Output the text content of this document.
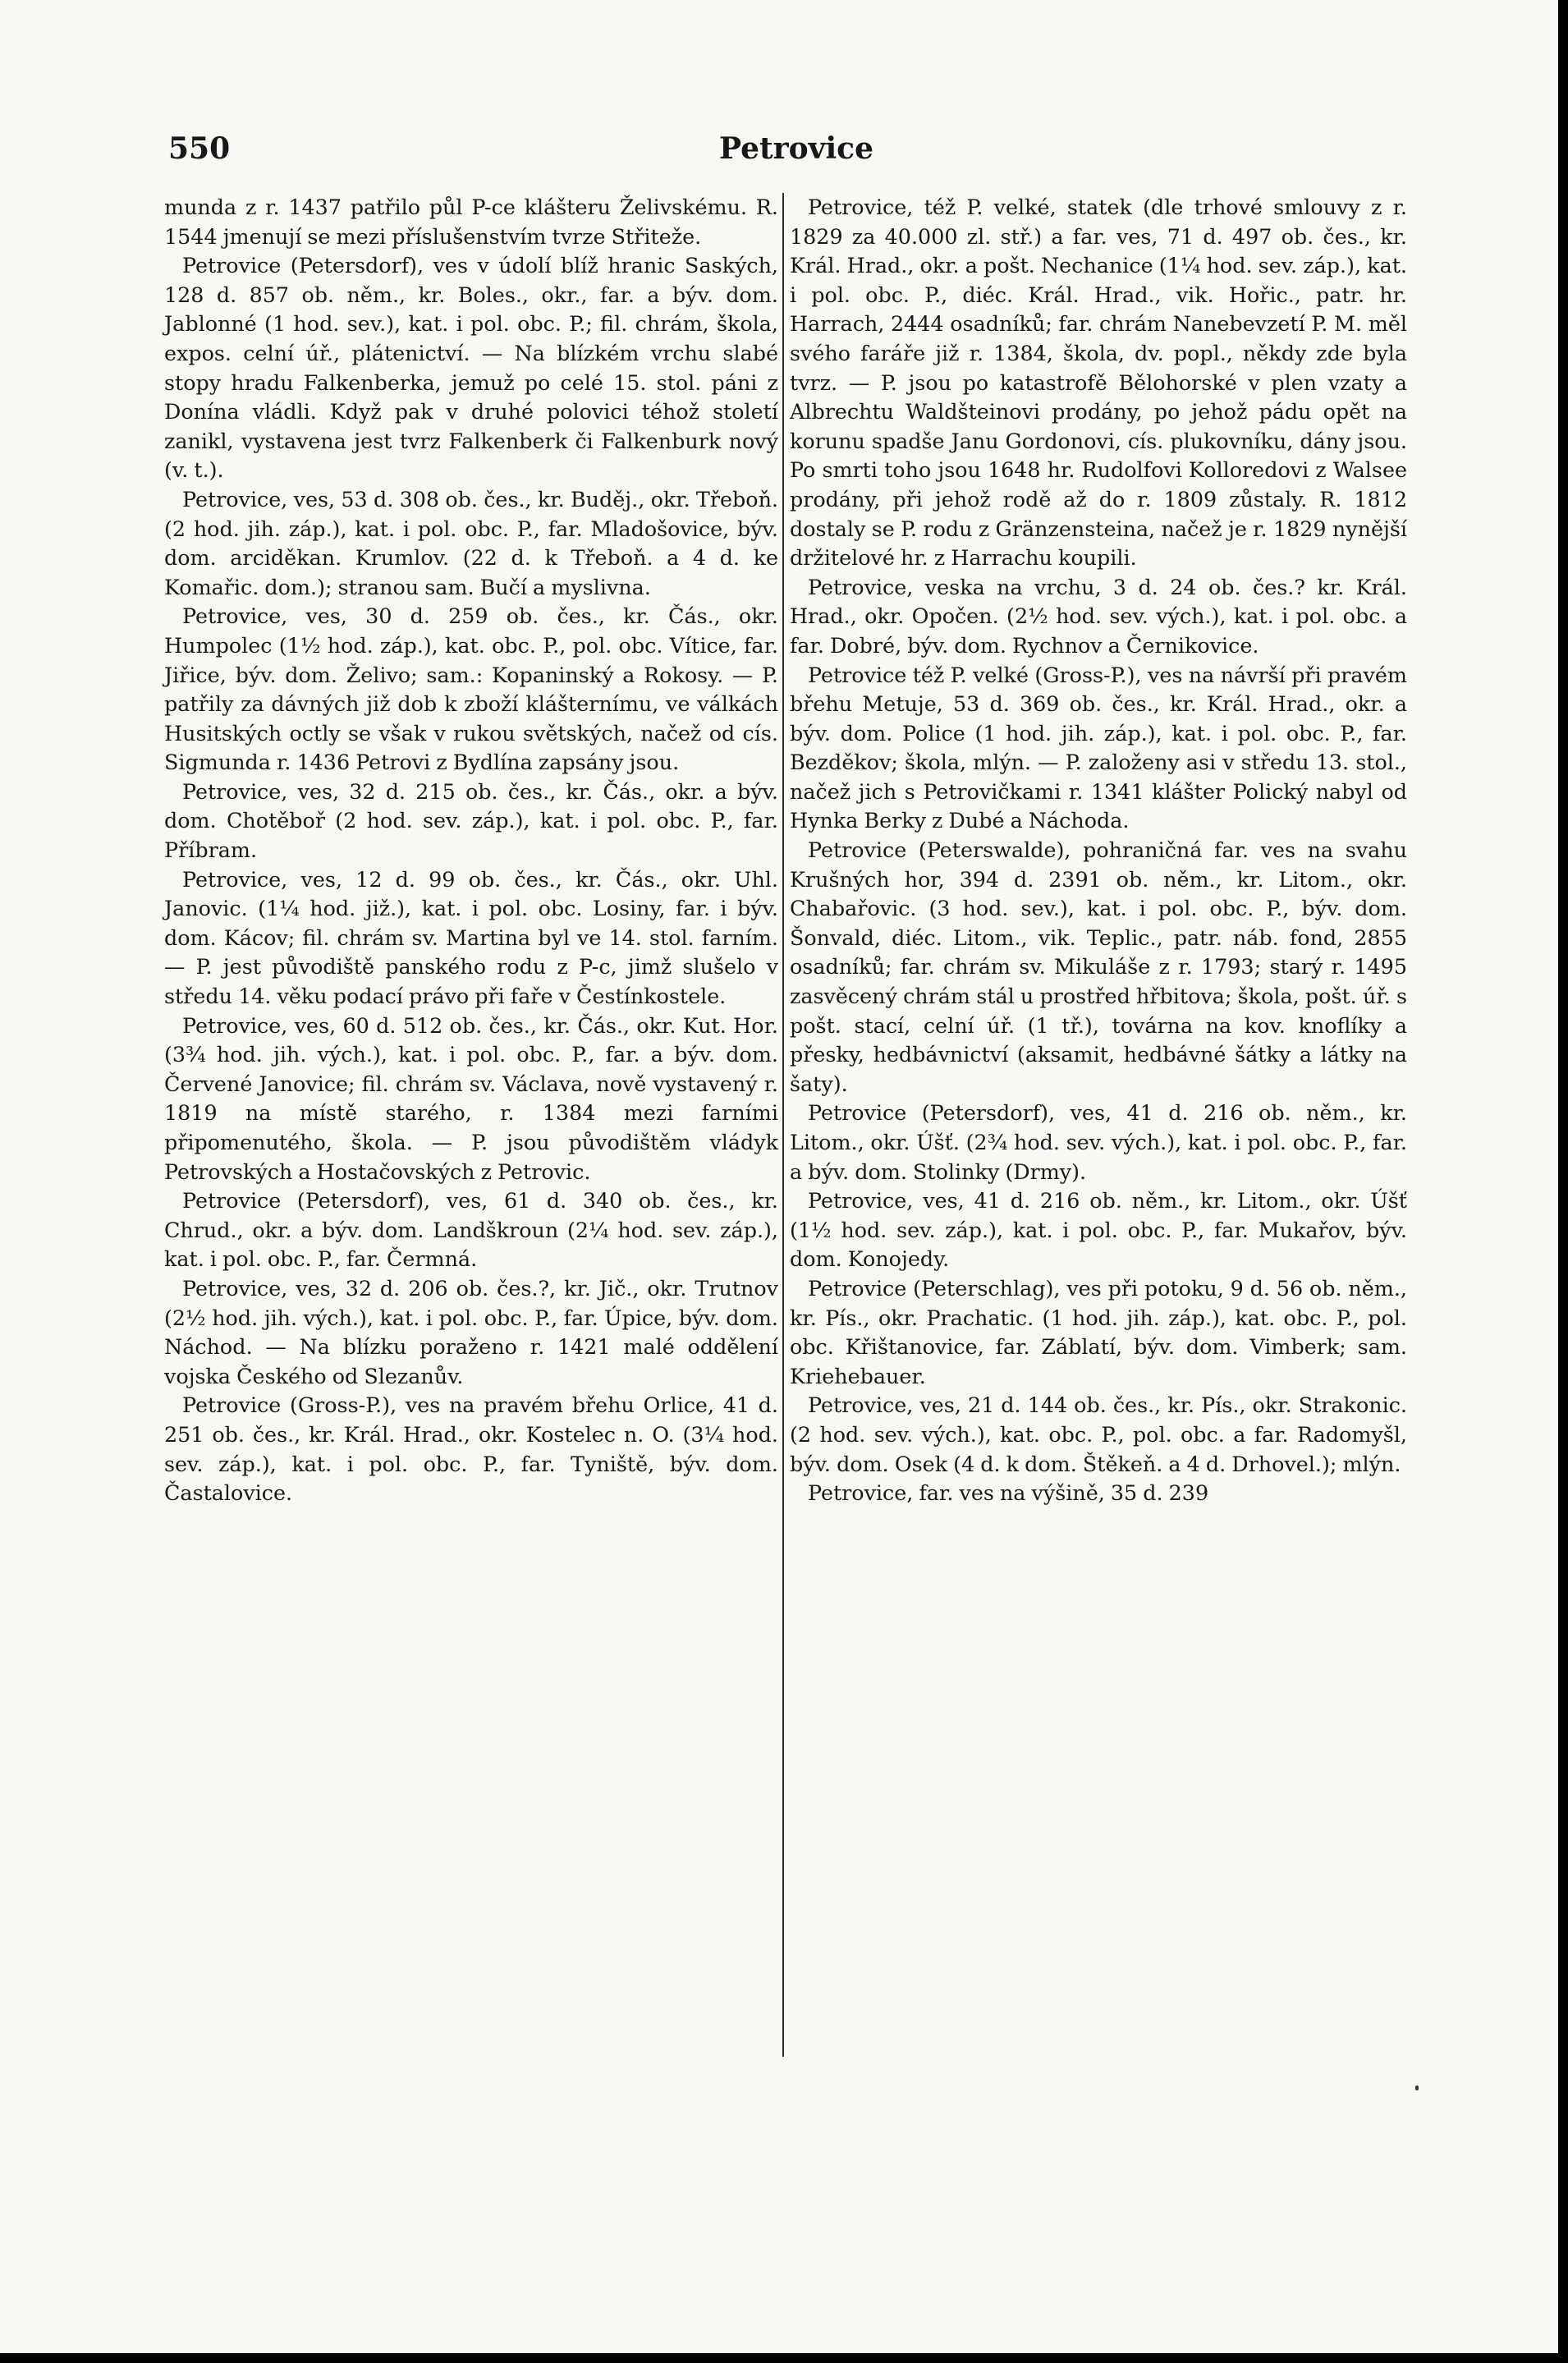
550	Petrovice

munda z r. 1437 patřilo půl P-ce klášteru Želivskému. R. 1544 jmenují se mezi příslušenstvím tvrze Střiteže.

Petrovice (Petersdorf), ves v údolí blíž hranic Saských, 128 d. 857 ob. něm., kr. Boles., okr., far. a býv. dom. Jablonné (1 hod. sev.), kat. i pol. obc. P.; fil. chrám, škola, expos. celní úř., plátenictví. — Na blízkém vrchu slabé stopy hradu Falkenberka, jemuž po celé 15. stol. páni z Donína vládli. Když pak v druhé polovici téhož století zanikl, vystavena jest tvrz Falkenberk či Falkenburk nový (v. t.).

Petrovice, ves, 53 d. 308 ob. čes., kr. Buděj., okr. Třeboň. (2 hod. jih. záp.), kat. i pol. obc. P., far. Mladošovice, býv. dom. arciděkan. Krumlov. (22 d. k Třeboň. a 4 d. ke Komařic. dom.); stranou sam. Bučí a myslivna.

Petrovice, ves, 30 d. 259 ob. čes., kr. Čás., okr. Humpolec (1½ hod. záp.), kat. obc. P., pol. obc. Vítice, far. Jiřice, býv. dom. Želivo; sam.: Kopaninský a Rokosy. — P. patřily za dávných již dob k zboží klášternímu, ve válkách Husitských octly se však v rukou světských, načež od cís. Sigmunda r. 1436 Petrovi z Bydlína zapsány jsou.

Petrovice, ves, 32 d. 215 ob. čes., kr. Čás., okr. a býv. dom. Chotěboř (2 hod. sev. záp.), kat. i pol. obc. P., far. Příbram.

Petrovice, ves, 12 d. 99 ob. čes., kr. Čás., okr. Uhl. Janovic. (1¼ hod. již.), kat. i pol. obc. Losiny, far. i býv. dom. Kácov; fil. chrám sv. Martina byl ve 14. stol. farním. — P. jest původiště panského rodu z P-c, jimž slušelo v středu 14. věku podací právo při faře v Čestínkostele.

Petrovice, ves, 60 d. 512 ob. čes., kr. Čás., okr. Kut. Hor. (3¾ hod. jih. vých.), kat. i pol. obc. P., far. a býv. dom. Červené Janovice; fil. chrám sv. Václava, nově vystavený r. 1819 na místě starého, r. 1384 mezi farními připomenutého, škola. — P. jsou původištěm vládyk Petrovských a Hostačovských z Petrovic.

Petrovice (Petersdorf), ves, 61 d. 340 ob. čes., kr. Chrud., okr. a býv. dom. Landškroun (2¼ hod. sev. záp.), kat. i pol. obc. P., far. Čermná.

Petrovice, ves, 32 d. 206 ob. čes.?, kr. Jič., okr. Trutnov (2½ hod. jih. vých.), kat. i pol. obc. P., far. Úpice, býv. dom. Náchod. — Na blízku poraženo r. 1421 malé oddělení vojska Českého od Slezanův.

Petrovice (Gross-P.), ves na pravém břehu Orlice, 41 d. 251 ob. čes., kr. Král. Hrad., okr. Kostelec n. O. (3¼ hod. sev. záp.), kat. i pol. obc. P., far. Tyniště, býv. dom. Častalovice.

Petrovice, též P. velké, statek (dle trhové smlouvy z r. 1829 za 40.000 zl. stř.) a far. ves, 71 d. 497 ob. čes., kr. Král. Hrad., okr. a pošt. Nechanice (1¼ hod. sev. záp.), kat. i pol. obc. P., diéc. Král. Hrad., vik. Hořic., patr. hr. Harrach, 2444 osadníků; far. chrám Nanebevzetí P. M. měl svého faráře již r. 1384, škola, dv. popl., někdy zde byla tvrz. — P. jsou po katastrofě Bělohorské v plen vzaty a Albrechtu Waldšteinovi prodány, po jehož pádu opět na korunu spadše Janu Gordonovi, cís. plukovníku, dány jsou. Po smrti toho jsou 1648 hr. Rudolfovi Kolloredovi z Walsee prodány, při jehož rodě až do r. 1809 zůstaly. R. 1812 dostaly se P. rodu z Gränzensteina, načež je r. 1829 nynější držitelové hr. z Harrachu koupili.

Petrovice, veska na vrchu, 3 d. 24 ob. čes.? kr. Král. Hrad., okr. Opočen. (2½ hod. sev. vých.), kat. i pol. obc. a far. Dobré, býv. dom. Rychnov a Černikovice.

Petrovice též P. velké (Gross-P.), ves na návrší při pravém břehu Metuje, 53 d. 369 ob. čes., kr. Král. Hrad., okr. a býv. dom. Police (1 hod. jih. záp.), kat. i pol. obc. P., far. Bezděkov; škola, mlýn. — P. založeny asi v středu 13. stol., načež jich s Petrovičkami r. 1341 klášter Polický nabyl od Hynka Berky z Dubé a Náchoda.

Petrovice (Peterswalde), pohraničná far. ves na svahu Krušných hor, 394 d. 2391 ob. něm., kr. Litom., okr. Chabařovic. (3 hod. sev.), kat. i pol. obc. P., býv. dom. Šonvald, diéc. Litom., vik. Teplic., patr. náb. fond, 2855 osadníků; far. chrám sv. Mikuláše z r. 1793; starý r. 1495 zasvěcený chrám stál u prostřed hřbitova; škola, pošt. úř. s pošt. stací, celní úř. (1 tř.), továrna na kov. knoflíky a přesky, hedbávnictví (aksamit, hedbávné šátky a látky na šaty).

Petrovice (Petersdorf), ves, 41 d. 216 ob. něm., kr. Litom., okr. Úšť. (2¾ hod. sev. vých.), kat. i pol. obc. P., far. a býv. dom. Stolinky (Drmy).

Petrovice, ves, 41 d. 216 ob. něm., kr. Litom., okr. Úšť (1½ hod. sev. záp.), kat. i pol. obc. P., far. Mukařov, býv. dom. Konojedy.

Petrovice (Peterschlag), ves při potoku, 9 d. 56 ob. něm., kr. Pís., okr. Prachatic. (1 hod. jih. záp.), kat. obc. P., pol. obc. Křištanovice, far. Záblatí, býv. dom. Vimberk; sam. Kriehebauer.

Petrovice, ves, 21 d. 144 ob. čes., kr. Pís., okr. Strakonic. (2 hod. sev. vých.), kat. obc. P., pol. obc. a far. Radomyšl, býv. dom. Osek (4 d. k dom. Štěkeň. a 4 d. Drhovel.); mlýn.

Petrovice, far. ves na výšině, 35 d. 239
